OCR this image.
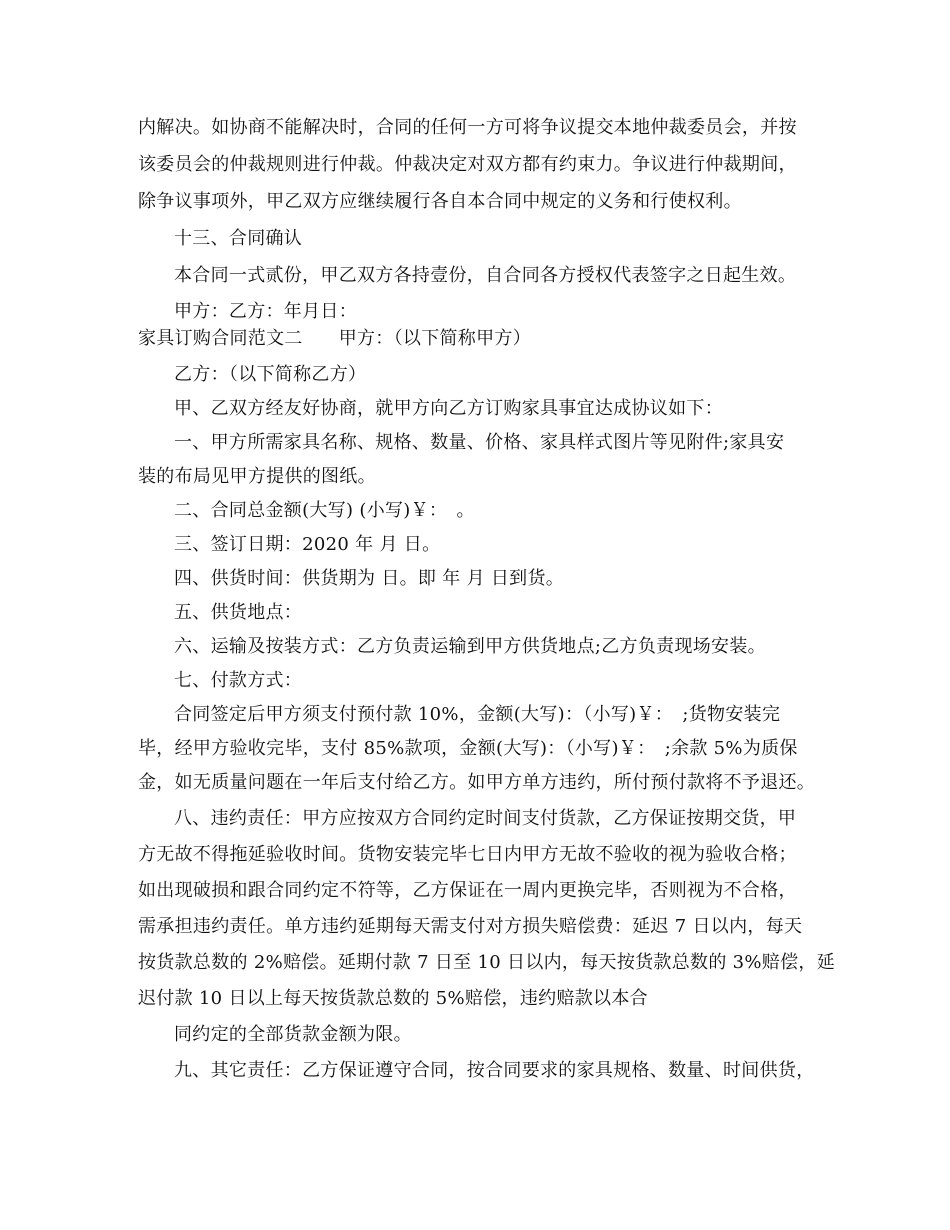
内解决。如协商不能解决时，合同的任何一方可将争议提交本地仲裁委员会，并按
该委员会的仲裁规则进行仲裁。仲裁决定对双方都有约束力。争议进行仲裁期间，
除争议事项外，甲乙双方应继续履行各自本合同中规定的义务和行使权利。
十三、合同确认
本合同一式贰份，甲乙双方各持壹份，自合同各方授权代表签字之日起生效。
甲方：乙方：年月日：
家具订购合同范文二 甲方：（以下简称甲方）
乙方：（以下简称乙方）
甲、乙双方经友好协商，就甲方向乙方订购家具事宜达成协议如下：
一、甲方所需家具名称、规格、数量、价格、家具样式图片等见附件;家具安
装的布局见甲方提供的图纸。
二、合同总金额(大写) (小写)￥：　。
三、签订日期：2020 年 月 日。
四、供货时间：供货期为 日。即 年 月 日到货。
五、供货地点：
六、运输及按装方式：乙方负责运输到甲方供货地点;乙方负责现场安装。
七、付款方式：
合同签定后甲方须支付预付款 10%，金额(大写)：（小写)￥：　;货物安装完
毕，经甲方验收完毕，支付 85%款项，金额(大写)：（小写)￥：　;余款 5%为质保
金，如无质量问题在一年后支付给乙方。如甲方单方违约，所付预付款将不予退还。
八、违约责任：甲方应按双方合同约定时间支付货款，乙方保证按期交货，甲
方无故不得拖延验收时间。货物安装完毕七日内甲方无故不验收的视为验收合格；
如出现破损和跟合同约定不符等，乙方保证在一周内更换完毕，否则视为不合格，
需承担违约责任。单方违约延期每天需支付对方损失赔偿费：延迟 7 日以内，每天
按货款总数的 2%赔偿。延期付款 7 日至 10 日以内，每天按货款总数的 3%赔偿，延
迟付款 10 日以上每天按货款总数的 5%赔偿，违约赔款以本合
同约定的全部货款金额为限。
九、其它责任：乙方保证遵守合同，按合同要求的家具规格、数量、时间供货，
